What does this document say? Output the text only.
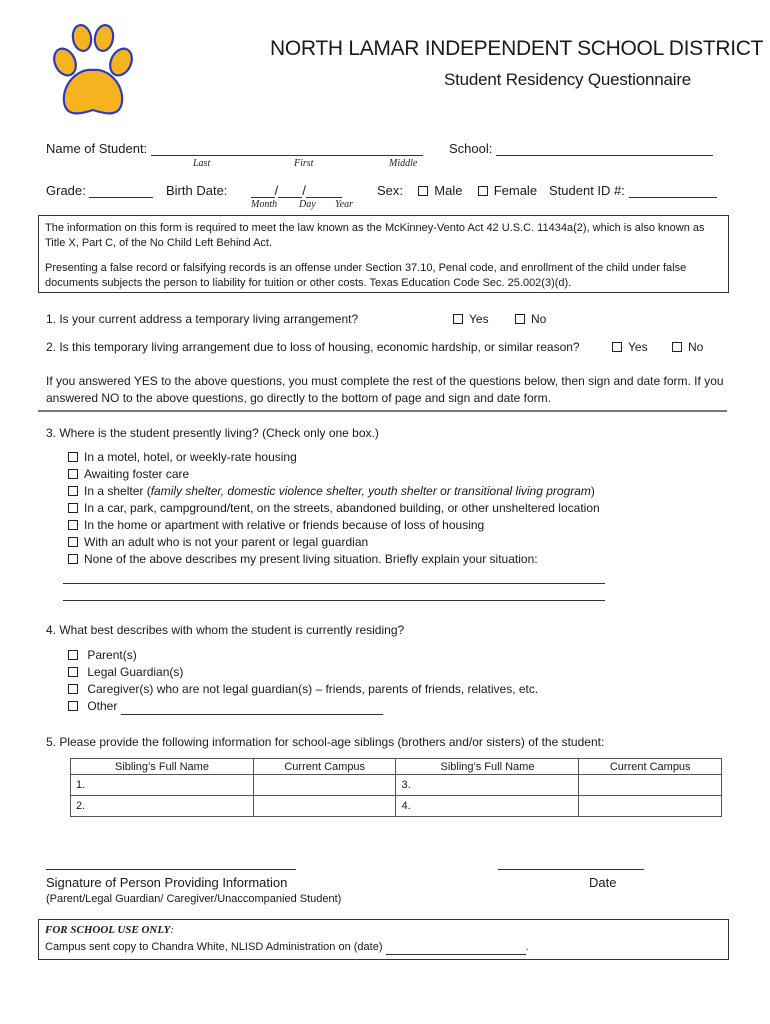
NORTH LAMAR INDEPENDENT SCHOOL DISTRICT
Student Residency Questionnaire
Name of Student:	School:
Last	First	Middle
Grade:	Birth Date:	/ /	Sex: Male Female Student ID #:
Month Day Year
The information on this form is required to meet the law known as the McKinney-Vento Act 42 U.S.C. 11434a(2), which is also known as Title X, Part C, of the No Child Left Behind Act.
Presenting a false record or falsifying records is an offense under Section 37.10, Penal code, and enrollment of the child under false documents subjects the person to liability for tuition or other costs. Texas Education Code Sec. 25.002(3)(d).
1. Is your current address a temporary living arrangement?	Yes	No
2. Is this temporary living arrangement due to loss of housing, economic hardship, or similar reason?	Yes	No
If you answered YES to the above questions, you must complete the rest of the questions below, then sign and date form. If you answered NO to the above questions, go directly to the bottom of page and sign and date form.
3. Where is the student presently living? (Check only one box.)
In a motel, hotel, or weekly-rate housing
Awaiting foster care
In a shelter (family shelter, domestic violence shelter, youth shelter or transitional living program)
In a car, park, campground/tent, on the streets, abandoned building, or other unsheltered location
In the home or apartment with relative or friends because of loss of housing
With an adult who is not your parent or legal guardian
None of the above describes my present living situation. Briefly explain your situation:
4. What best describes with whom the student is currently residing?
Parent(s)
Legal Guardian(s)
Caregiver(s) who are not legal guardian(s) – friends, parents of friends, relatives, etc.
Other
5. Please provide the following information for school-age siblings (brothers and/or sisters) of the student:
Sibling’s Full Name	Current Campus	Sibling’s Full Name	Current Campus
1.		3.	
2.		4.	
Signature of Person Providing Information	Date
(Parent/Legal Guardian/ Caregiver/Unaccompanied Student)
FOR SCHOOL USE ONLY:
Campus sent copy to Chandra White, NLISD Administration on (date)	.
